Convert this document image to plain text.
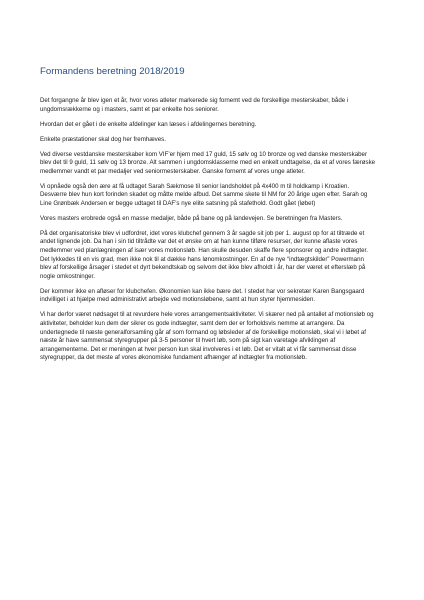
Formandens beretning 2018/2019

Det forgangne år blev igen et år, hvor vores atleter markerede sig fornemt ved de forskellige mesterskaber, både i ungdomsrækkerne og i masters, samt et par enkelte hos seniorer.

Hvordan det er gået i de enkelte afdelinger kan læses i afdelingernes beretning.

Enkelte præstationer skal dog her fremhæves.

Ved diverse vestdanske mesterskaber kom VIF’er hjem med 17 guld, 15 sølv og 10 bronze og ved danske mesterskaber blev det til 9 guld, 11 sølv og 13 bronze. Alt sammen i ungdomsklasserne med en enkelt undtagelse, da et af vores færøske medlemmer vandt et par medaljer ved seniormesterskaber. Ganske fornemt af vores unge atleter.

Vi opnåede også den ære at få udtaget Sarah Sækmose til senior landsholdet på 4x400 m til holdkamp i Kroatien. Desværre blev hun kort forinden skadet og måtte melde afbud. Det samme skete til NM for 20 årige ugen efter. Sarah og Line Grønbæk Andersen er begge udtaget til DAF’s nye elite satsning på stafethold. Godt gået (løbet)

Vores masters erobrede også en masse medaljer, både på bane og på landevejen. Se beretningen fra Masters.

På det organisatoriske blev vi udfordret, idet vores klubchef gennem 3 år sagde sit job per 1. august op for at tiltræde et andet lignende job. Da han i sin tid tiltrådte var det et ønske om at han kunne tilføre resurser, der kunne aflaste vores medlemmer ved planlægningen af især vores motionsløb. Han skulle desuden skaffe flere sponsorer og andre indtægter. Det lykkedes til en vis grad, men ikke nok til at dække hans lønomkostninger. En af de nye “indtægtskilder” Powermann blev af forskellige årsager i stedet et dyrt bekendtskab og selvom det ikke blev afholdt i år, har der været et efterslæb på nogle omkostninger.

Der kommer ikke en afløser for klubchefen. Økonomien kan ikke bære det. I stedet har vor sekretær Karen Bangsgaard indvilliget i at hjælpe med administrativt arbejde ved motionsløbene, samt at hun styrer hjemmesiden.

Vi har derfor været nødsaget til at revurdere hele vores arrangementsaktiviteter. Vi skærer ned på antallet af motionsløb og aktiviteter, beholder kun dem der sikrer os gode indtægter, samt dem der er forholdsvis nemme at arrangere. Da undertegnede til næste generalforsamling går af som formand og løbsleder af de forskellige motionsløb, skal vi i løbet af næste år have sammensat styregrupper på 3-5 personer til hvert løb, som på sigt kan varetage afviklingen af arrangementerne. Det er meningen at hver person kun skal involveres i et løb. Det er vitalt at vi får sammensat disse styregrupper, da det meste af vores økonomiske fundament afhænger af indtægter fra motionsløb.
